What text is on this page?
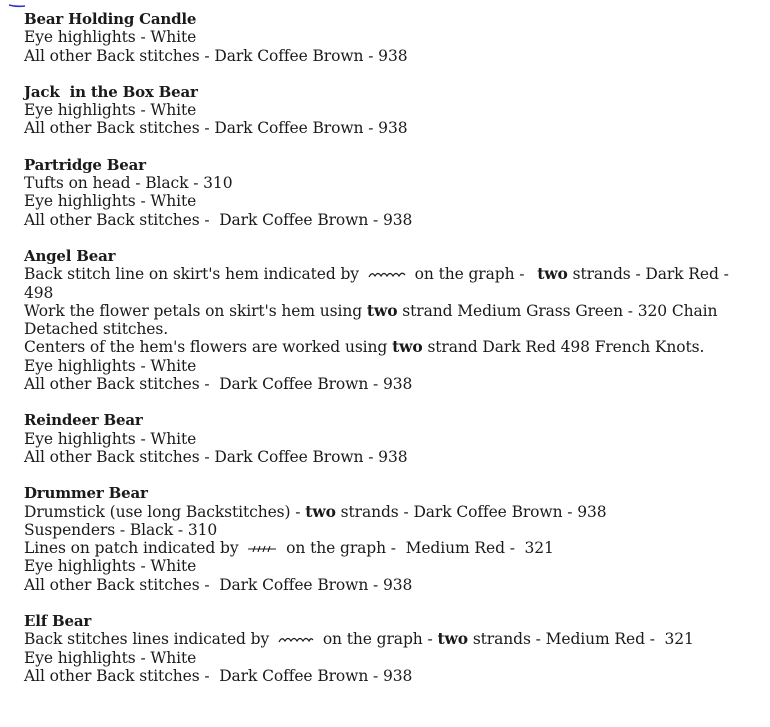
Bear Holding Candle
Eye highlights - White
All other Back stitches - Dark Coffee Brown - 938
Jack  in the Box Bear
Eye highlights - White
All other Back stitches - Dark Coffee Brown - 938
Partridge Bear
Tufts on head - Black - 310
Eye highlights - White
All other Back stitches -  Dark Coffee Brown - 938
Angel Bear
Back stitch line on skirt's hem indicated by	on the graph - two strands - Dark Red - 498
Work the flower petals on skirt's hem using two strand Medium Grass Green - 320 Chain Detached stitches.
Centers of the hem's flowers are worked using two strand Dark Red 498 French Knots.
Eye highlights - White
All other Back stitches -  Dark Coffee Brown - 938
Reindeer Bear
Eye highlights - White
All other Back stitches - Dark Coffee Brown - 938
Drummer Bear
Drumstick (use long Backstitches) - two strands - Dark Coffee Brown - 938
Suspenders - Black - 310
Lines on patch indicated by	on the graph -  Medium Red -  321
Eye highlights - White
All other Back stitches -  Dark Coffee Brown - 938
Elf Bear
Back stitches lines indicated by	on the graph - two strands - Medium Red -  321
Eye highlights - White
All other Back stitches -  Dark Coffee Brown - 938
